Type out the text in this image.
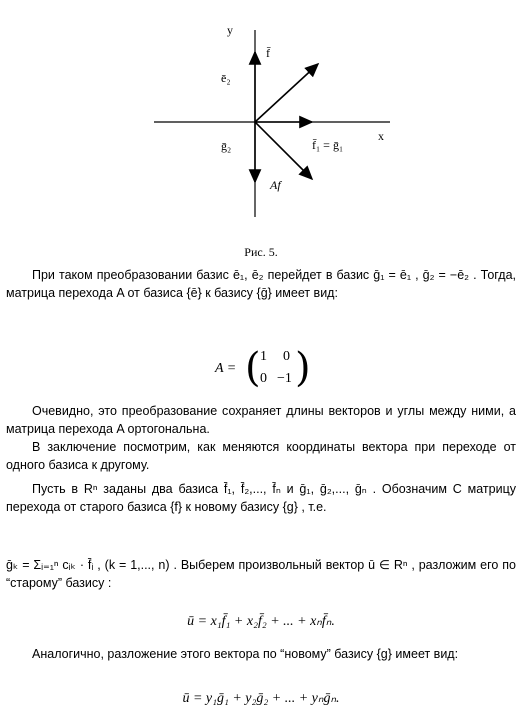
y
x
f̄
ē₂
ḡ₂	f̄₁ = ḡ₁
Af
Рис. 5.
При таком преобразовании базис ē₁, ē₂ перейдет в базис ḡ₁ = ē₁ , ḡ₂ = −ē₂ . Тогда, матрица перехода A от базиса {ē} к базису {ḡ} имеет вид:
A = ( 1 0
0 −1 )
Очевидно, это преобразование сохраняет длины векторов и углы между ними, а матрица перехода A ортогональна.
В заключение посмотрим, как меняются координаты вектора при переходе от одного базиса к другому.
Пусть в Rⁿ заданы два базиса f̄₁, f̄₂,..., f̄ₙ и ḡ₁, ḡ₂,..., ḡₙ . Обозначим C матрицу перехода от старого базиса {f} к новому базису {g} , т.е.
ḡₖ = Σᵢ₌₁ⁿ cᵢₖ · f̄ᵢ , (k = 1,..., n) . Выберем произвольный вектор ū ∈ Rⁿ , разложим его по “старому” базису :
ū = x₁f̄₁ + x₂f̄₂ + ... + xₙf̄ₙ.
Аналогично, разложение этого вектора по “новому” базису {g} имеет вид:
ū = y₁ḡ₁ + y₂ḡ₂ + ... + yₙḡₙ.
